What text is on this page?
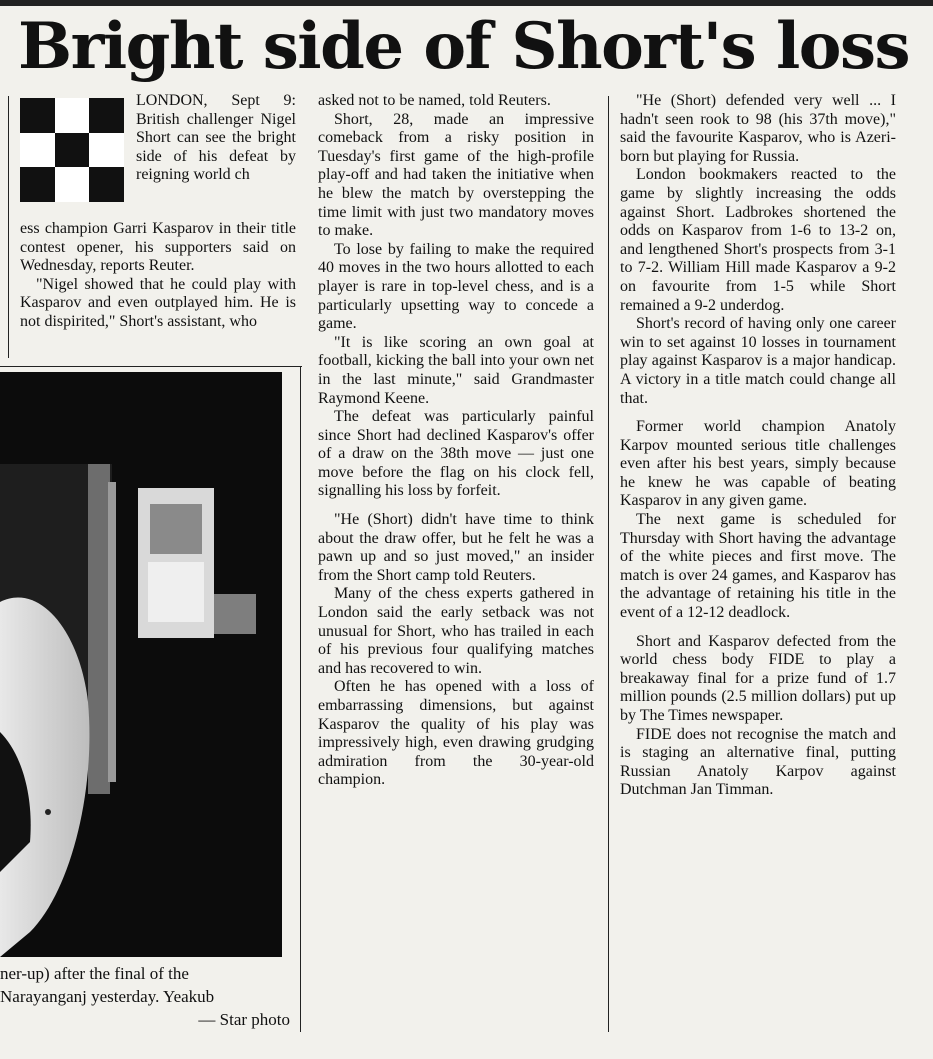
Bright side of Short's loss

LONDON, Sept 9: British challenger Nigel Short can see the bright side of his defeat by reigning world ch

ess champion Garri Kasparov in their title contest opener, his supporters said on Wednesday, reports Reuter.

"Nigel showed that he could play with Kasparov and even outplayed him. He is not dispirited," Short's assistant, who

ner-up) after the final of the
Narayanganj yesterday. Yeakub
— Star photo

asked not to be named, told Reuters.

Short, 28, made an impressive comeback from a risky position in Tuesday's first game of the high-profile play-off and had taken the initiative when he blew the match by overstepping the time limit with just two mandatory moves to make.

To lose by failing to make the required 40 moves in the two hours allotted to each player is rare in top-level chess, and is a particularly upsetting way to concede a game.

"It is like scoring an own goal at football, kicking the ball into your own net in the last minute," said Grandmaster Raymond Keene.

The defeat was particularly painful since Short had declined Kasparov's offer of a draw on the 38th move — just one move before the flag on his clock fell, signalling his loss by forfeit.

"He (Short) didn't have time to think about the draw offer, but he felt he was a pawn up and so just moved," an insider from the Short camp told Reuters.

Many of the chess experts gathered in London said the early setback was not unusual for Short, who has trailed in each of his previous four qualifying matches and has recovered to win.

Often he has opened with a loss of embarrassing dimensions, but against Kasparov the quality of his play was impressively high, even drawing grudging admiration from the 30-year-old champion.

"He (Short) defended very well ... I hadn't seen rook to 98 (his 37th move)," said the favourite Kasparov, who is Azeri-born but playing for Russia.

London bookmakers reacted to the game by slightly increasing the odds against Short. Ladbrokes shortened the odds on Kasparov from 1-6 to 13-2 on, and lengthened Short's prospects from 3-1 to 7-2. William Hill made Kasparov a 9-2 on favourite from 1-5 while Short remained a 9-2 underdog.

Short's record of having only one career win to set against 10 losses in tournament play against Kasparov is a major handicap. A victory in a title match could change all that.

Former world champion Anatoly Karpov mounted serious title challenges even after his best years, simply because he knew he was capable of beating Kasparov in any given game.

The next game is scheduled for Thursday with Short having the advantage of the white pieces and first move. The match is over 24 games, and Kasparov has the advantage of retaining his title in the event of a 12-12 deadlock.

Short and Kasparov defected from the world chess body FIDE to play a breakaway final for a prize fund of 1.7 million pounds (2.5 million dollars) put up by The Times newspaper.

FIDE does not recognise the match and is staging an alternative final, putting Russian Anatoly Karpov against Dutchman Jan Timman.
